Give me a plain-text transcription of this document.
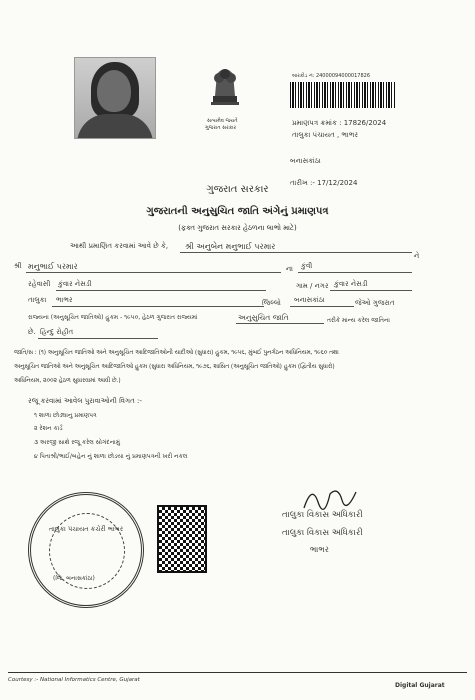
સત્યમેવ જયતે
ગુજરાત સરકાર
બારકોડ નં: 24000094000017826
પ્રમાણપત્ર ક્રમાંક : 17826/2024
તાલુકા પંચાયત , ભાભર
બનાસકાંઠા
તારીખ :- 17/12/2024
ગુજરાત સરકાર
ગુજરાતની અનુસુચિત જાતિ અંગેનું પ્રમાણપત્ર
(ફક્ત ગુજરાત સરકાર હેઠળના લાભો માટે)
આથી પ્રમાણિત કરવામાં આવે છે કે, શ્રી અનુબેન મનુભાઈ પરમાર
ને
શ્રી મનુભાઈ પરમાર	ના કુંવી
રહેવાસી કુંવાર નેસડી	ગામ / નગર કુંવાર નેસડી
તાલુકા ભાભર	જિલ્લો બનાસકાંઠા	જેઓ ગુજરાત
રાજ્યના (અનુસૂચિત જાતિઓ) હુકમ - ૧૯૫૦, હેઠળ ગુજરાત રાજ્યમાં	અનુસુચિત જાતિ	તરીકે માન્ય કરેલ જાતિના
છે. હિન્દુ રોહીત
જાતિ/સ : (૧) અનુસૂચિત જાતિઓ અને અનુસૂચિત આદિજાતિઓની યાદીઓ (સુધારા) હુકમ, ૧૯૫૬, મુંબઈ પુનર્ગઠન અધિનિયમ, ૧૯૬૦ તથા
અનુસૂચિત જાતિઓ અને અનુસૂચિત આદિજાતિઓ હુકમ (સુધારા અધિનિયમ, ૧૯૭૬, શાસિત (અનુસૂચિત જાતિઓ) હુકમ (દ્વિતીય સુધારો)
અધિનિયમ, ૨૦૦૨ હેઠળ સુધારવામાં આવી છે.)
રજૂ કરવામાં આવેલ પુરાવાઓની વિગત :-
૧ શાળા છોડ્યાનુ પ્રમાણપત્ર
૨ રેશન કાર્ડ
૩ અરજી સાથે રજૂ કરેલ સોગંદનામું
૪ પિતાશ્રી/ભાઈ/બહેન નું શાળા છોડયા નું પ્રમાણપત્રની ખરી નકલ
તાલુકા પંચાયત કચેરી ભાભર
(જિ. બનાસકાંઠા)
તાલુકા વિકાસ અધિકારી
તાલુકા વિકાસ અધિકારી
ભાભર
Courtesy :- National Informatics Centre, Gujarat
Digital Gujarat
